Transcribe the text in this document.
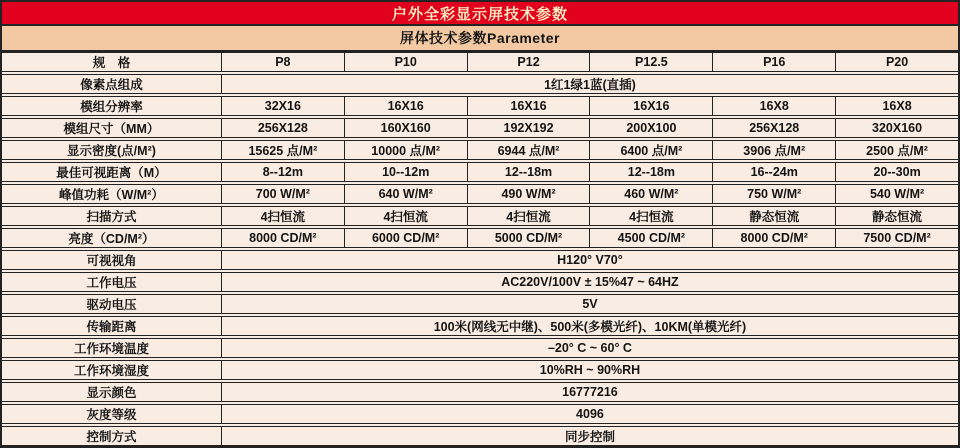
户外全彩显示屏技术参数
屏体技术参数Parameter
规　格	P8	P10	P12	P12.5	P16	P20
像素点组成	1红1绿1蓝(直插)
模组分辨率	32X16	16X16	16X16	16X16	16X8	16X8
模组尺寸（MM）	256X128	160X160	192X192	200X100	256X128	320X160
显示密度(点/M²)	15625 点/M²	10000 点/M²	6944 点/M²	6400 点/M²	3906 点/M²	2500 点/M²
最佳可视距离（M）	8--12m	10--12m	12--18m	12--18m	16--24m	20--30m
峰值功耗（W/M²）	700 W/M²	640 W/M²	490 W/M²	460 W/M²	750 W/M²	540 W/M²
扫描方式	4扫恒流	4扫恒流	4扫恒流	4扫恒流	静态恒流	静态恒流
亮度（CD/M²）	8000 CD/M²	6000 CD/M²	5000 CD/M²	4500 CD/M²	8000 CD/M²	7500 CD/M²
可视视角	H120° V70°
工作电压	AC220V/100V ± 15%47 ~ 64HZ
驱动电压	5V
传输距离	100米(网线无中继)、500米(多模光纤)、10KM(单模光纤)
工作环境温度	–20° C ~ 60° C
工作环境湿度	10%RH ~ 90%RH
显示颜色	16777216
灰度等级	4096
控制方式	同步控制
